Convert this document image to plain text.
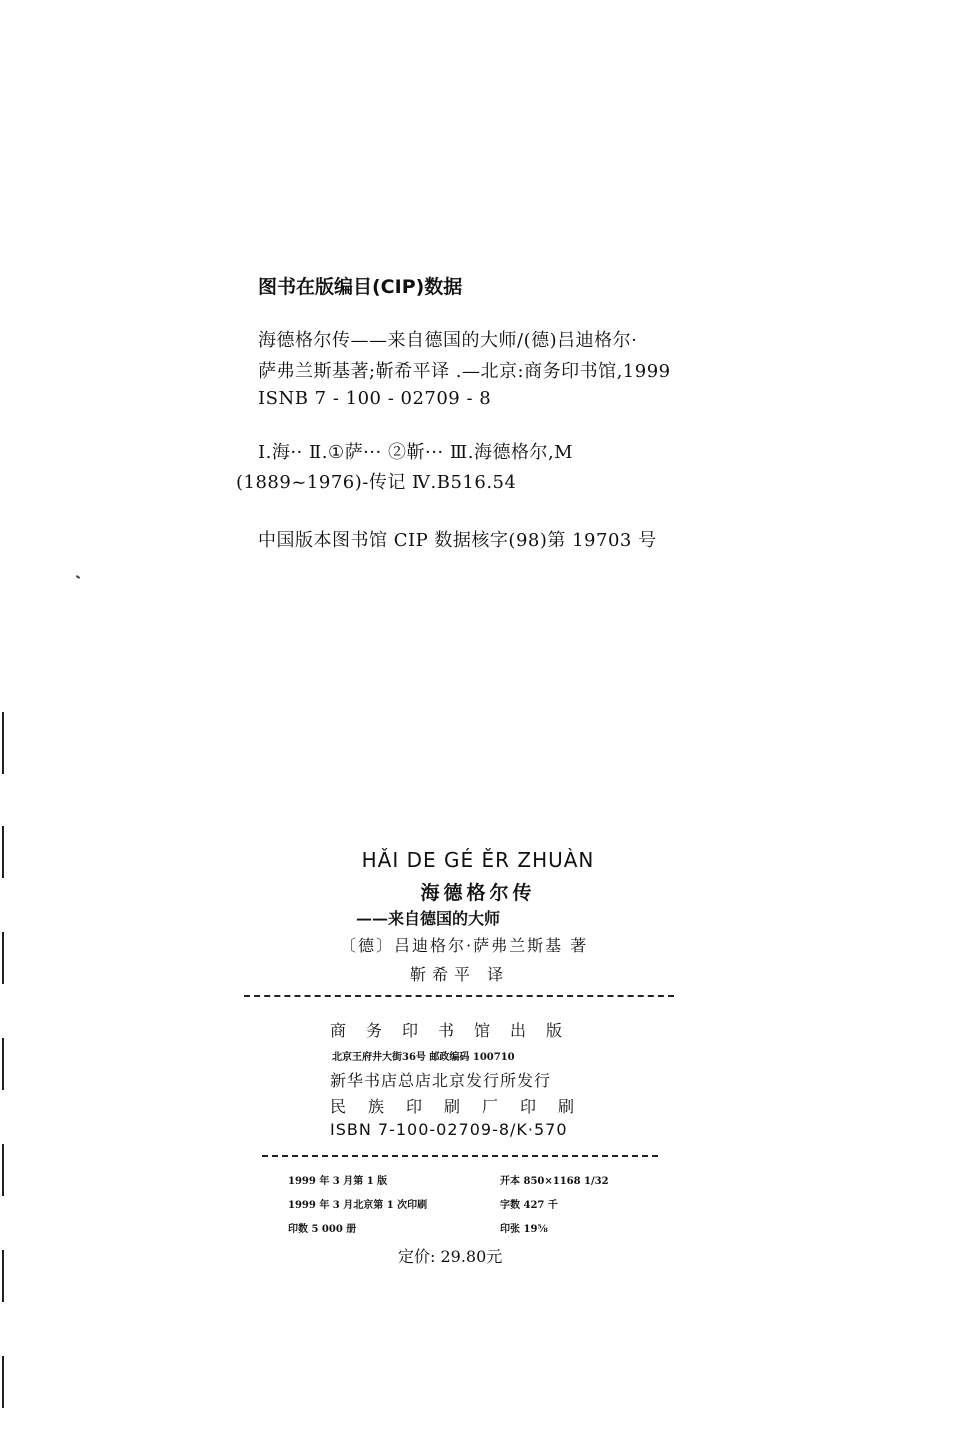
图书在版编目(CIP)数据
海德格尔传——来自德国的大师/(德)吕迪格尔·
萨弗兰斯基著;靳希平译 .—北京:商务印书馆,1999
ISNB 7 - 100 - 02709 - 8
Ⅰ.海·· Ⅱ.①萨··· ②靳··· Ⅲ.海德格尔,M
(1889~1976)-传记 Ⅳ.B516.54
中国版本图书馆 CIP 数据核字(98)第 19703 号
HǍI DE GÉ ĚR ZHUÀN
海德格尔传
——来自德国的大师
〔德〕吕迪格尔·萨弗兰斯基 著
靳希平 译
商务印书馆出版
北京王府井大街36号 邮政编码 100710
新华书店总店北京发行所发行
民族印刷厂印刷
ISBN 7-100-02709-8/K·570
1999 年 3 月第 1 版
1999 年 3 月北京第 1 次印刷
印数 5 000 册
开本 850×1168 1/32
字数 427 千
印张 19⅝
定价: 29.80元
